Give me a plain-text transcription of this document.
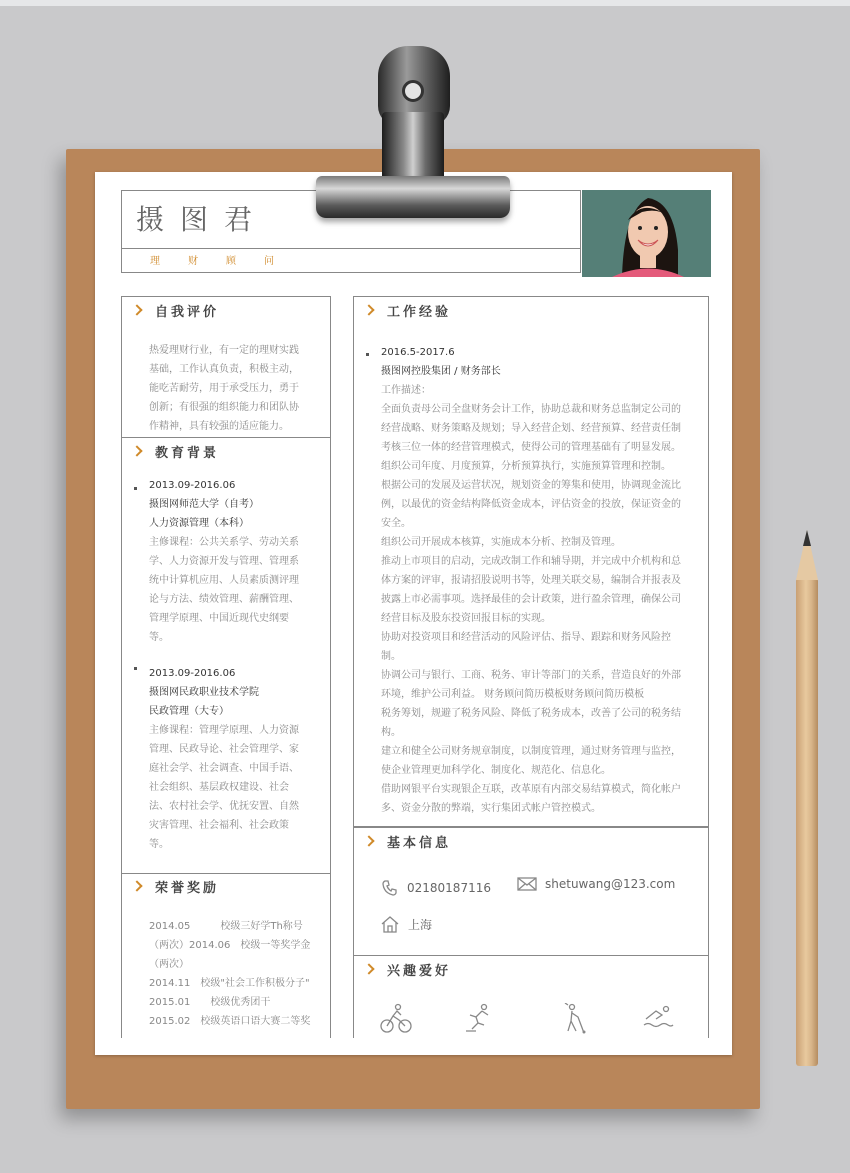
摄图君
理财顾问
自我评价
教育背景
荣誉奖励
工作经验
基本信息
兴趣爱好
热爱理财行业，有一定的理财实践
基础，工作认真负责，积极主动，
能吃苦耐劳，用于承受压力，勇于
创新；有很强的组织能力和团队协
作精神，具有较强的适应能力。
2013.09-2016.06
摄图网师范大学（自考）
人力资源管理（本科）
主修课程：公共关系学、劳动关系
学、人力资源开发与管理、管理系
统中计算机应用、人员素质测评理
论与方法、绩效管理、薪酬管理、
管理学原理、中国近现代史纲要
等。
2013.09-2016.06
摄图网民政职业技术学院
民政管理（大专）
主修课程：管理学原理、人力资源
管理、民政导论、社会管理学、家
庭社会学、社会调查、中国手语、
社会组织、基层政权建设、社会
法、农村社会学、优抚安置、自然
灾害管理、社会福利、社会政策
等。
2014.05　　　校级三好学Th称号
（两次）2014.06　校级一等奖学金
（两次）
2014.11　校级"社会工作积极分子"
2015.01　　校级优秀团干
2015.02　校级英语口语大赛二等奖
2016.5-2017.6
摄图网控股集团 / 财务部长
工作描述：
全面负责母公司全盘财务会计工作，协助总裁和财务总监制定公司的
经营战略、财务策略及规划；导入经营企划、经营预算、经营责任制
考核三位一体的经营管理模式，使得公司的管理基础有了明显发展。
组织公司年度、月度预算，分析预算执行，实施预算管理和控制。
根据公司的发展及运营状况，规划资金的筹集和使用，协调现金流比
例，以最优的资金结构降低资金成本，评估资金的投放，保证资金的
安全。
组织公司开展成本核算，实施成本分析、控制及管理。
推动上市项目的启动，完成改制工作和辅导期，并完成中介机构和总
体方案的评审，报请招股说明书等，处理关联交易，编制合并报表及
披露上市必需事项。选择最佳的会计政策，进行盈余管理，确保公司
经营目标及股东投资回报目标的实现。
协助对投资项目和经营活动的风险评估、指导、跟踪和财务风险控
制。
协调公司与银行、工商、税务、审计等部门的关系，营造良好的外部
环境，维护公司利益。 财务顾问简历模板财务顾问简历模板
税务筹划，规避了税务风险、降低了税务成本，改善了公司的税务结
构。
建立和健全公司财务规章制度，以制度管理，通过财务管理与监控，
使企业管理更加科学化、制度化、规范化、信息化。
借助网银平台实现银企互联，改革原有内部交易结算模式，简化帐户
多、资金分散的弊端，实行集团式帐户管控模式。
02180187116	shetuwang@123.com
上海
